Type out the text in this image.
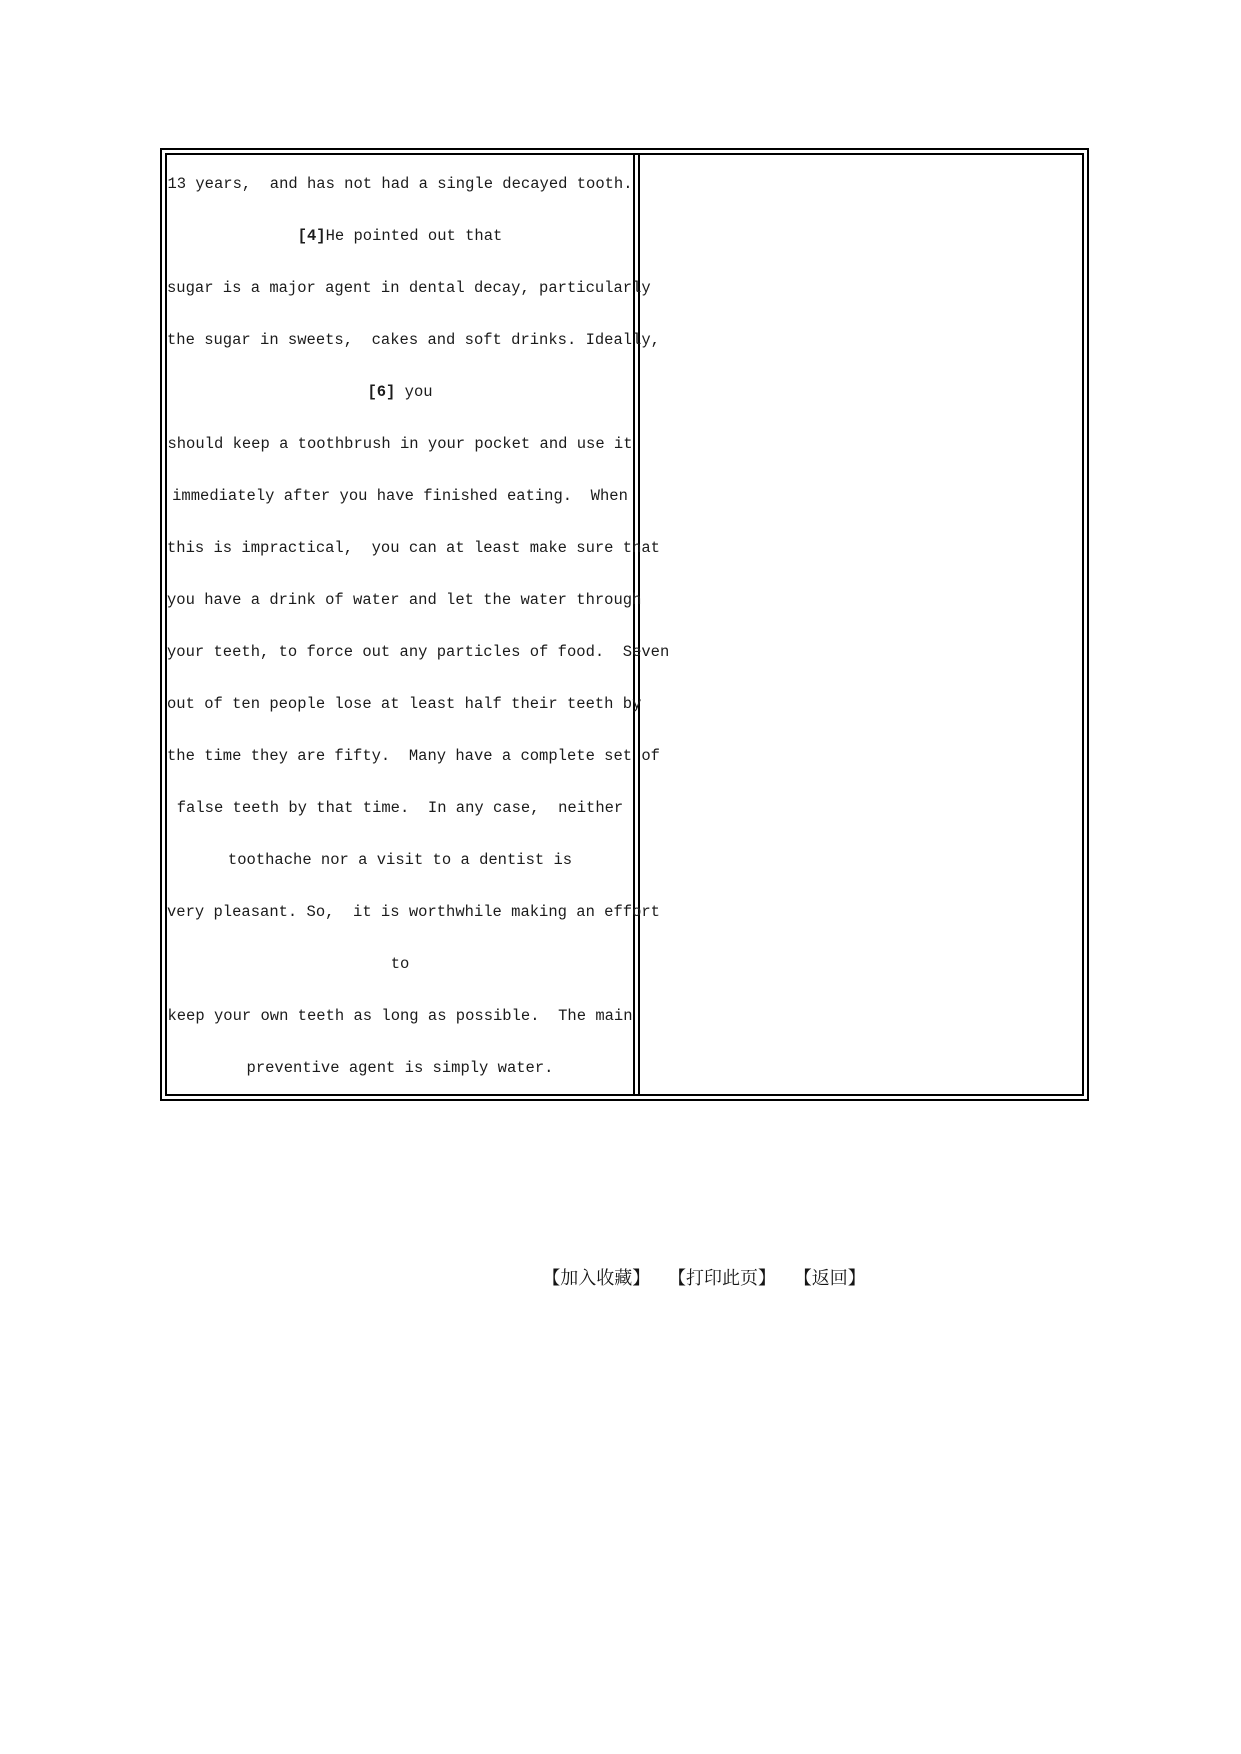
13 years,  and has not had a single decayed tooth.
[4]He pointed out that
sugar is a major agent in dental decay, particularly
the sugar in sweets,  cakes and soft drinks. Ideally,
[6] you
should keep a toothbrush in your pocket and use it
immediately after you have finished eating.  When
this is impractical,  you can at least make sure that
you have a drink of water and let the water through
your teeth, to force out any particles of food.  Seven
out of ten people lose at least half their teeth by
the time they are fifty.  Many have a complete set of
false teeth by that time.  In any case,  neither
toothache nor a visit to a dentist is
very pleasant. So,  it is worthwhile making an effort
to
keep your own teeth as long as possible.  The main
preventive agent is simply water.
【加入收藏】 【打印此页】 【返回】
